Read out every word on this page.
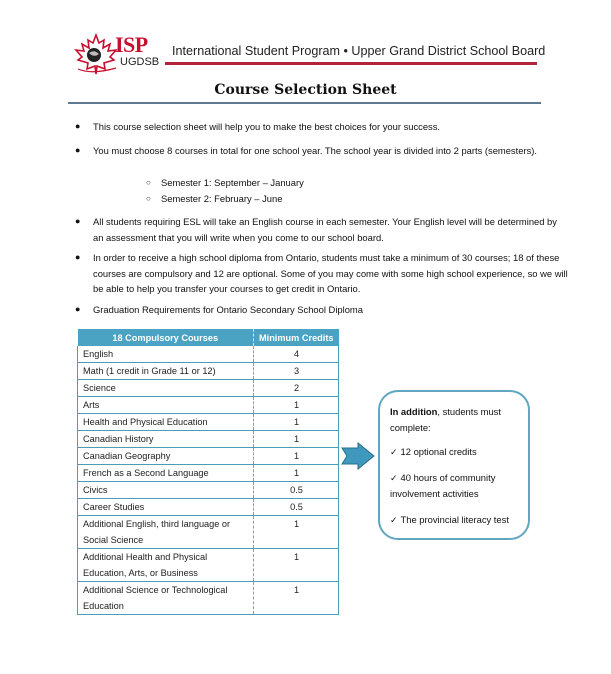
ISP
UGDSB
International Student Program • Upper Grand District School Board
Course Selection Sheet
● This course selection sheet will help you to make the best choices for your success.
● You must choose 8 courses in total for one school year. The school year is divided into 2 parts (semesters).
○ Semester 1: September – January
○ Semester 2: February – June
● All students requiring ESL will take an English course in each semester. Your English level will be determined by an assessment that you will write when you come to our school board.
● In order to receive a high school diploma from Ontario, students must take a minimum of 30 courses; 18 of these courses are compulsory and 12 are optional. Some of you may come with some high school experience, so we will be able to help you transfer your courses to get credit in Ontario.
● Graduation Requirements for Ontario Secondary School Diploma
18 Compulsory Courses	Minimum Credits
English	4
Math (1 credit in Grade 11 or 12)	3
Science	2
Arts	1
Health and Physical Education	1
Canadian History	1
Canadian Geography	1
French as a Second Language	1
Civics	0.5
Career Studies	0.5
Additional English, third language or Social Science	1
Additional Health and Physical Education, Arts, or Business	1
Additional Science or Technological Education	1
In addition, students must complete:
✓ 12 optional credits
✓ 40 hours of community involvement activities
✓ The provincial literacy test
